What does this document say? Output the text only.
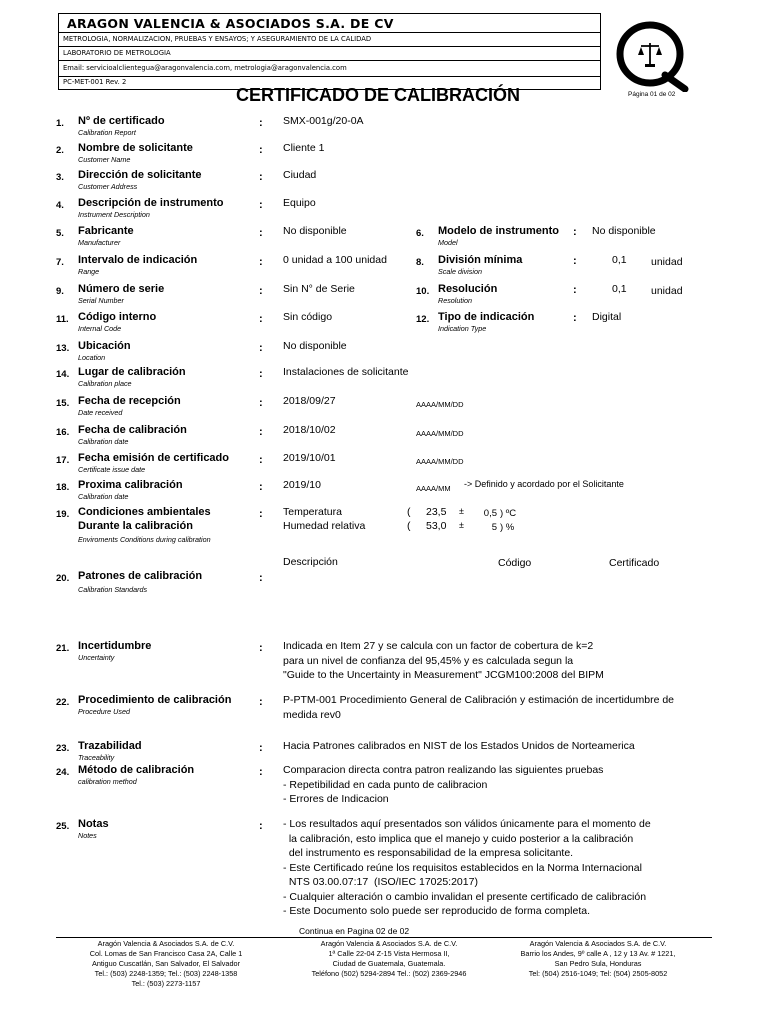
ARAGON VALENCIA & ASOCIADOS S.A. DE CV
METROLOGIA, NORMALIZACION, PRUEBAS Y ENSAYOS; Y ASEGURAMIENTO DE LA CALIDAD
LABORATORIO DE METROLOGIA
Email: servicioalclientegua@aragonvalencia.com, metrologia@aragonvalencia.com
PC-MET-001 Rev. 2
CERTIFICADO DE CALIBRACIÓN	Página 01 de 02
1. Nº de certificado
Calibration Report
: SMX-001g/20-0A
2. Nombre de solicitante
Customer Name
: Cliente 1
3. Dirección de solicitante
Customer Address
: Ciudad
4. Descripción de instrumento
Instrument Description
: Equipo
5. Fabricante
Manufacturer
: No disponible
7. Intervalo de indicación
Range
: 0 unidad a 100 unidad
9. Número de serie
Serial Number
: Sin N° de Serie
11. Código interno
Internal Code
: Sin código
13. Ubicación
Location
: No disponible
14. Lugar de calibración
Calibration place
: Instalaciones de solicitante
15. Fecha de recepción
Date received
: 2018/09/27	AAAA/MM/DD
16. Fecha de calibración
Calibration date
: 2018/10/02	AAAA/MM/DD
17. Fecha emisión de certificado
Certificate issue date
: 2019/10/01	AAAA/MM/DD
18. Proxima calibración
Calibration date
: 2019/10	AAAA/MM -> Definido y acordado por el Solicitante
6. Modelo de instrumento
Model
: No disponible
8. División mínima
Scale division
:	0,1 unidad
10. Resolución
Resolution
:	0,1 unidad
12. Tipo de indicación
Indication Type
: Digital
19. Condiciones ambientales
Durante la calibración
Enviroments Conditions during calibration
: Temperatura	( 23,5 ± 0,5 ) ºC
Humedad relativa	( 53,0 ±	5 ) %
Descripción	Código	Certificado
20. Patrones de calibración
Calibration Standards
:
21. Incertidumbre
Uncertainty
: Indicada en Item 27 y se calcula con un factor de cobertura de k=2
para un nivel de confianza del 95,45% y es calculada segun la
"Guide to the Uncertainty in Measurement" JCGM100:2008 del BIPM
22. Procedimiento de calibración
Procedure Used
: P-PTM-001 Procedimiento General de Calibración y estimación de incertidumbre de
medida rev0
23. Trazabilidad
Traceability
: Hacia Patrones calibrados en NIST de los Estados Unidos de Norteamerica
24. Método de calibración
calibration method
: Comparacion directa contra patron realizando las siguientes pruebas
- Repetibilidad en cada punto de calibracion
- Errores de Indicacion
25. Notas
Notes
: - Los resultados aquí presentados son válidos únicamente para el momento de
la calibración, esto implica que el manejo y cuido posterior a la calibración
del instrumento es responsabilidad de la empresa solicitante.
- Este Certificado reúne los requisitos establecidos en la Norma Internacional
NTS 03.00.07:17  (ISO/IEC 17025:2017)
- Cualquier alteración o cambio invalidan el presente certificado de calibración
- Este Documento solo puede ser reproducido de forma completa.
Continua en Pagina 02 de 02
Aragón Valencia & Asociados S.A. de C.V.
Col. Lomas de San Francisco Casa 2A, Calle 1
Antiguo Cuscatlán, San Salvador, El Salvador
Tel.: (503) 2248-1359; Tel.: (503) 2248-1358
Tel.: (503) 2273-1157
Aragón Valencia & Asociados S.A. de C.V.
1ª Calle 22-04 Z-15 Vista Hermosa II,
Ciudad de Guatemala, Guatemala.
Teléfono (502) 5294-2894 Tel.: (502) 2369-2946
Aragón Valencia & Asociados S.A. de C.V.
Barrio los Andes, 9º calle A , 12 y 13 Av. # 1221,
San Pedro Sula, Honduras
Tel: (504) 2516-1049; Tel: (504) 2505-8052
